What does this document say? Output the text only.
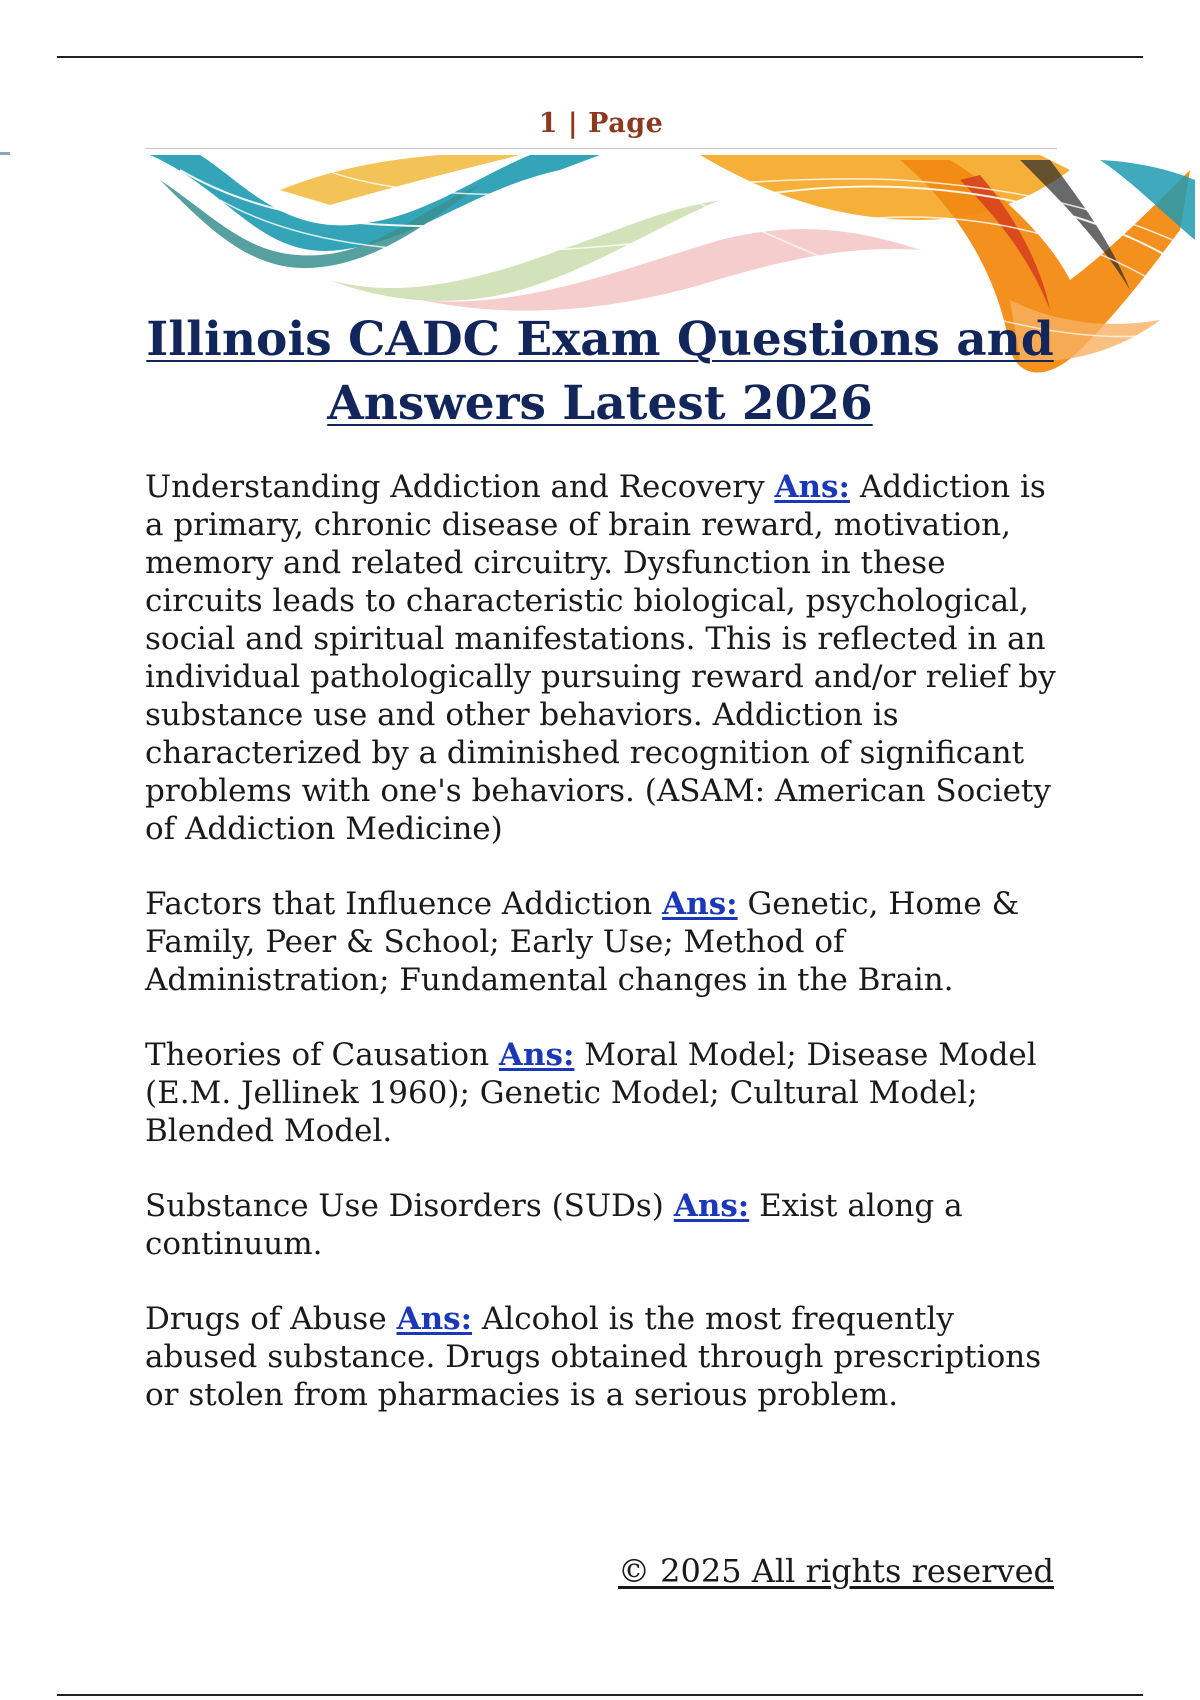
1 | Page
Illinois CADC Exam Questions and
Answers Latest 2026

Understanding Addiction and Recovery Ans: Addiction is a primary, chronic disease of brain reward, motivation, memory and related circuitry. Dysfunction in these circuits leads to characteristic biological, psychological, social and spiritual manifestations. This is reflected in an individual pathologically pursuing reward and/or relief by substance use and other behaviors. Addiction is characterized by a diminished recognition of significant problems with one's behaviors. (ASAM: American Society of Addiction Medicine)

Factors that Influence Addiction Ans: Genetic, Home & Family, Peer & School; Early Use; Method of Administration; Fundamental changes in the Brain.

Theories of Causation Ans: Moral Model; Disease Model (E.M. Jellinek 1960); Genetic Model; Cultural Model; Blended Model.

Substance Use Disorders (SUDs) Ans: Exist along a continuum.

Drugs of Abuse Ans: Alcohol is the most frequently abused substance. Drugs obtained through prescriptions or stolen from pharmacies is a serious problem.

© 2025 All rights reserved
